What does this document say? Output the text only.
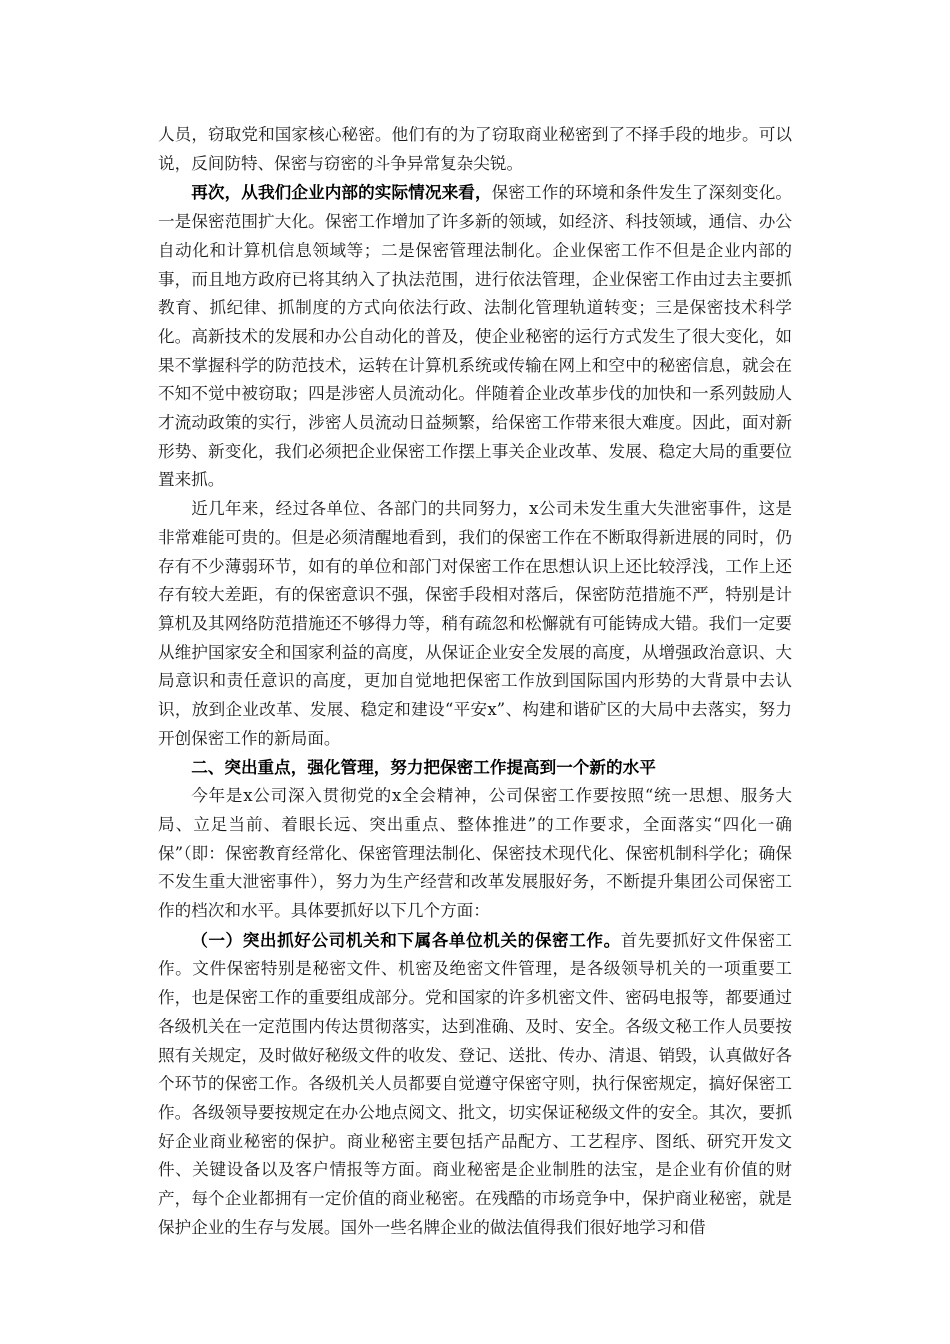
人员，窃取党和国家核心秘密。他们有的为了窃取商业秘密到了不择手段的地步。可以说，反间防特、保密与窃密的斗争异常复杂尖锐。

再次，从我们企业内部的实际情况来看，保密工作的环境和条件发生了深刻变化。一是保密范围扩大化。保密工作增加了许多新的领域，如经济、科技领域，通信、办公自动化和计算机信息领域等；二是保密管理法制化。企业保密工作不但是企业内部的事，而且地方政府已将其纳入了执法范围，进行依法管理，企业保密工作由过去主要抓教育、抓纪律、抓制度的方式向依法行政、法制化管理轨道转变；三是保密技术科学化。高新技术的发展和办公自动化的普及，使企业秘密的运行方式发生了很大变化，如果不掌握科学的防范技术，运转在计算机系统或传输在网上和空中的秘密信息，就会在不知不觉中被窃取；四是涉密人员流动化。伴随着企业改革步伐的加快和一系列鼓励人才流动政策的实行，涉密人员流动日益频繁，给保密工作带来很大难度。因此，面对新形势、新变化，我们必须把企业保密工作摆上事关企业改革、发展、稳定大局的重要位置来抓。

近几年来，经过各单位、各部门的共同努力，x公司未发生重大失泄密事件，这是非常难能可贵的。但是必须清醒地看到，我们的保密工作在不断取得新进展的同时，仍存有不少薄弱环节，如有的单位和部门对保密工作在思想认识上还比较浮浅，工作上还存有较大差距，有的保密意识不强，保密手段相对落后，保密防范措施不严，特别是计算机及其网络防范措施还不够得力等，稍有疏忽和松懈就有可能铸成大错。我们一定要从维护国家安全和国家利益的高度，从保证企业安全发展的高度，从增强政治意识、大局意识和责任意识的高度，更加自觉地把保密工作放到国际国内形势的大背景中去认识，放到企业改革、发展、稳定和建设“平安x”、构建和谐矿区的大局中去落实，努力开创保密工作的新局面。

二、突出重点，强化管理，努力把保密工作提高到一个新的水平

今年是x公司深入贯彻党的x全会精神，公司保密工作要按照“统一思想、服务大局、立足当前、着眼长远、突出重点、整体推进”的工作要求，全面落实“四化一确保”（即：保密教育经常化、保密管理法制化、保密技术现代化、保密机制科学化；确保不发生重大泄密事件），努力为生产经营和改革发展服好务，不断提升集团公司保密工作的档次和水平。具体要抓好以下几个方面：

（一）突出抓好公司机关和下属各单位机关的保密工作。首先要抓好文件保密工作。文件保密特别是秘密文件、机密及绝密文件管理，是各级领导机关的一项重要工作，也是保密工作的重要组成部分。党和国家的许多机密文件、密码电报等，都要通过各级机关在一定范围内传达贯彻落实，达到准确、及时、安全。各级文秘工作人员要按照有关规定，及时做好秘级文件的收发、登记、送批、传办、清退、销毁，认真做好各个环节的保密工作。各级机关人员都要自觉遵守保密守则，执行保密规定，搞好保密工作。各级领导要按规定在办公地点阅文、批文，切实保证秘级文件的安全。其次，要抓好企业商业秘密的保护。商业秘密主要包括产品配方、工艺程序、图纸、研究开发文件、关键设备以及客户情报等方面。商业秘密是企业制胜的法宝，是企业有价值的财产，每个企业都拥有一定价值的商业秘密。在残酷的市场竞争中，保护商业秘密，就是保护企业的生存与发展。国外一些名牌企业的做法值得我们很好地学习和借
